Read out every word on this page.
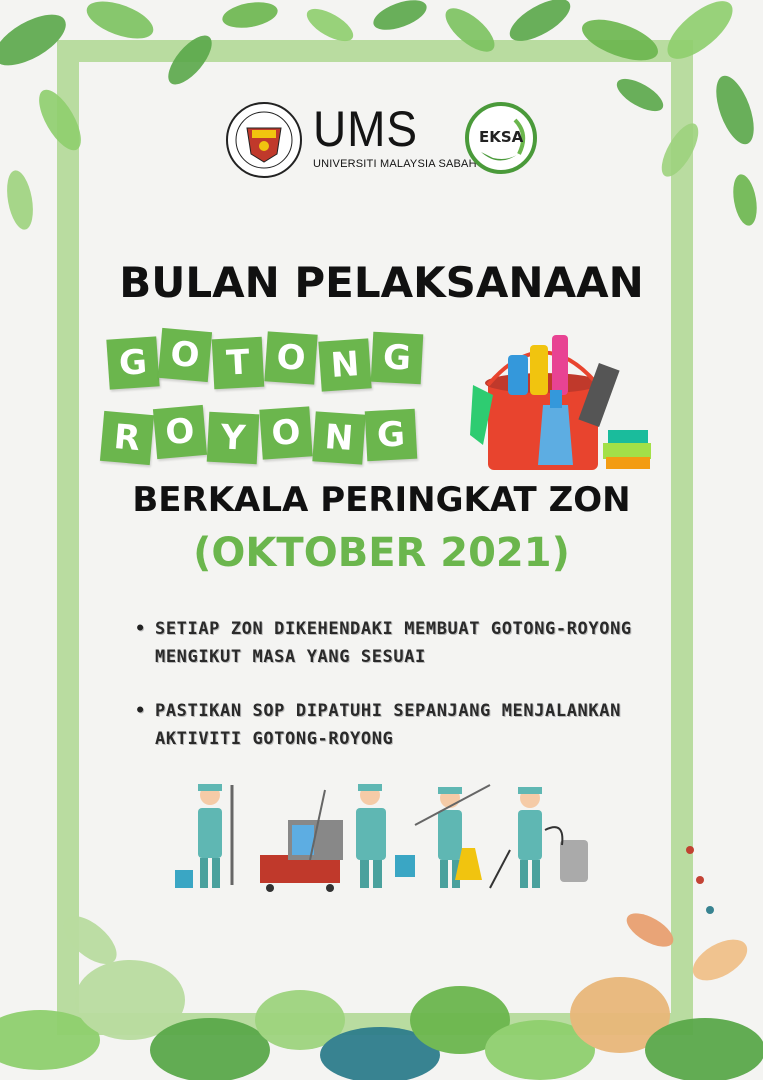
UMS
UNIVERSITI MALAYSIA SABAH
EKSA
BULAN PELAKSANAAN
G O T O N G
R O Y O N G
BERKALA PERINGKAT ZON
(OKTOBER 2021)
• SETIAP ZON DIKEHENDAKI MEMBUAT GOTONG-ROYONG MENGIKUT MASA YANG SESUAI
• PASTIKAN SOP DIPATUHI SEPANJANG MENJALANKAN AKTIVITI GOTONG-ROYONG
